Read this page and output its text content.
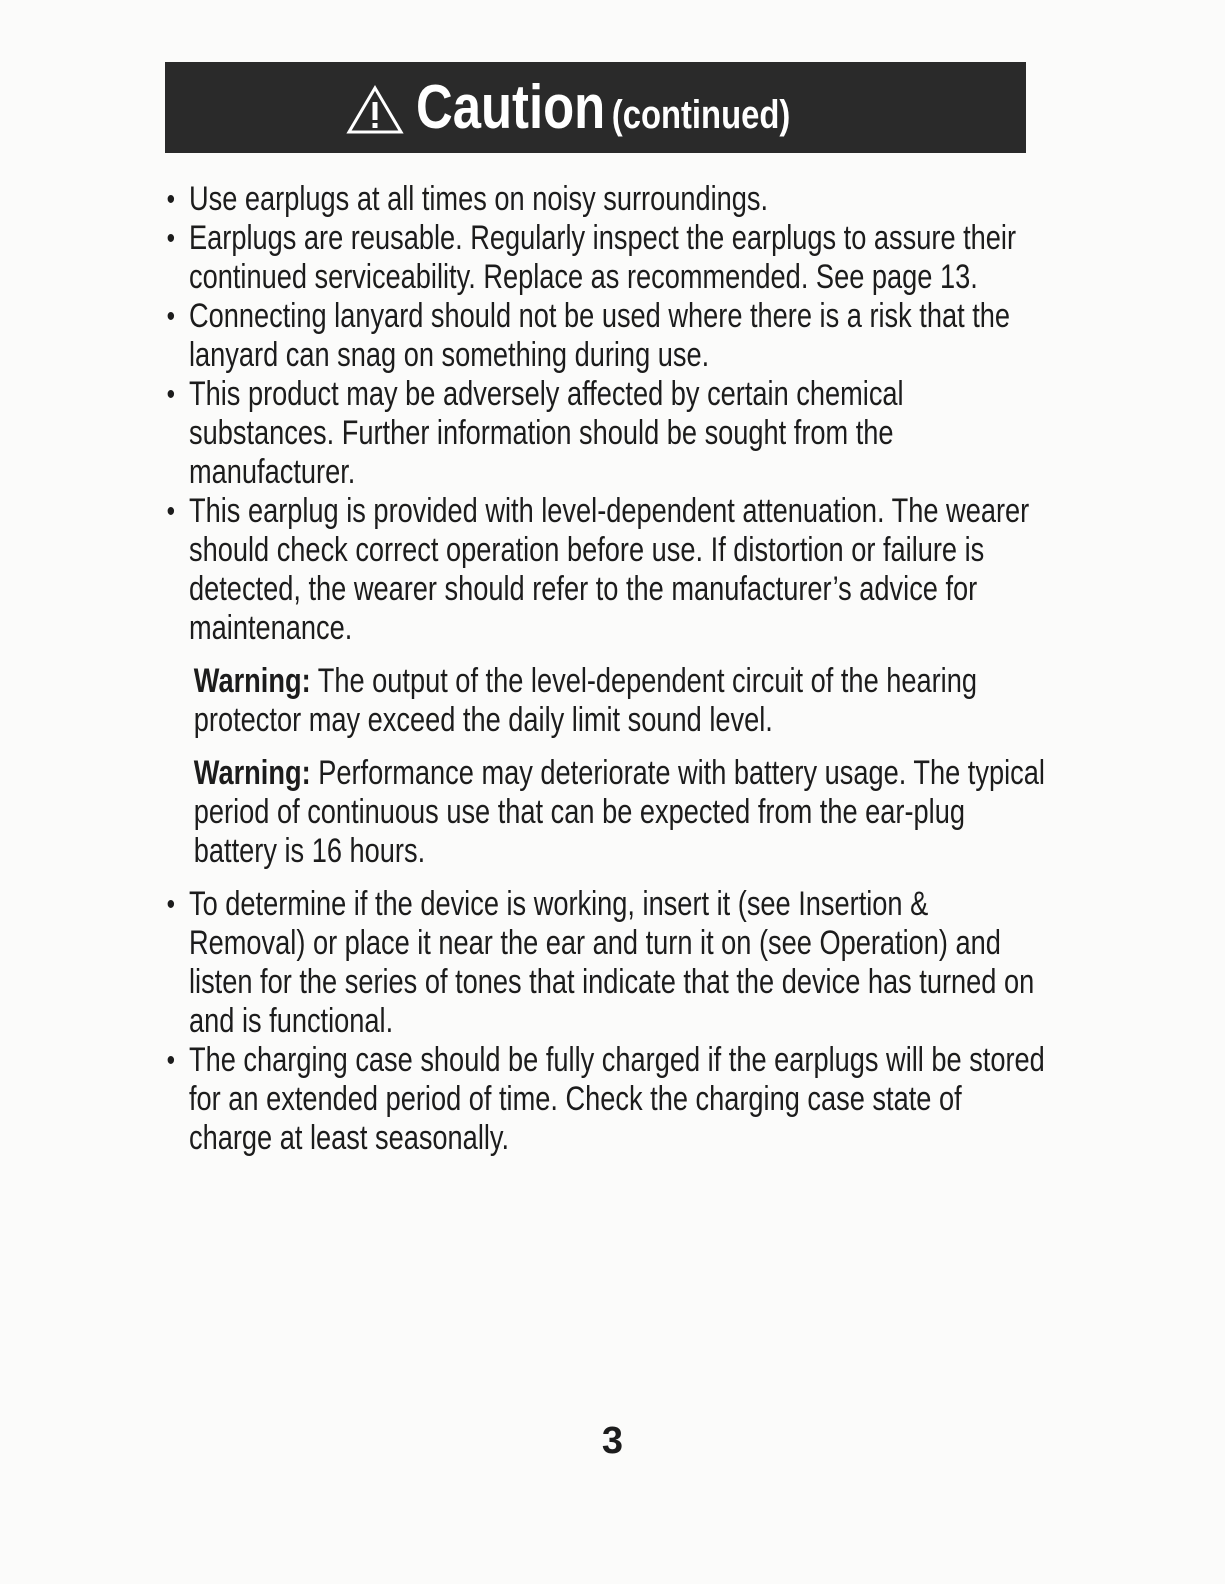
Caution (continued)

• Use earplugs at all times on noisy surroundings.

• Earplugs are reusable. Regularly inspect the earplugs to assure their continued serviceability. Replace as recommended. See page 13.

• Connecting lanyard should not be used where there is a risk that the lanyard can snag on something during use.

• This product may be adversely affected by certain chemical substances. Further information should be sought from the manufacturer.

• This earplug is provided with level-dependent attenuation. The wearer should check correct operation before use. If distortion or failure is detected, the wearer should refer to the manufacturer’s advice for maintenance.

Warning: The output of the level-dependent circuit of the hearing protector may exceed the daily limit sound level.

Warning: Performance may deteriorate with battery usage. The typical period of continuous use that can be expected from the ear-plug battery is 16 hours.

• To determine if the device is working, insert it (see Insertion & Removal) or place it near the ear and turn it on (see Operation) and listen for the series of tones that indicate that the device has turned on and is functional.

• The charging case should be fully charged if the earplugs will be stored for an extended period of time. Check the charging case state of charge at least seasonally.

3
